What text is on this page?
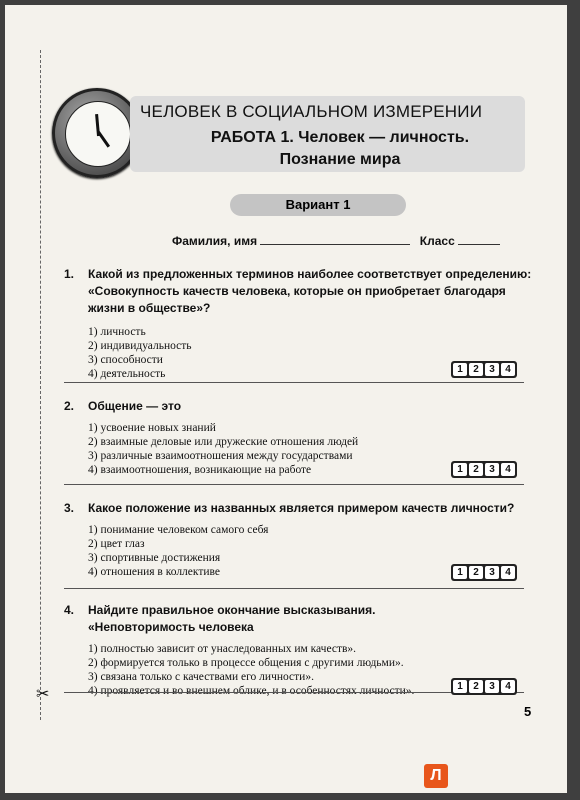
ЧЕЛОВЕК В СОЦИАЛЬНОМ ИЗМЕРЕНИИ
РАБОТА 1. Человек — личность.
Познание мира
Вариант 1
Фамилия, имя	Класс
1. Какой из предложенных терминов наиболее соответствует определению: «Совокупность качеств человека, которые он приобретает благодаря жизни в обществе»?
1) личность
2) индивидуальность
3) способности
4) деятельность	1	2	3	4
2. Общение — это
1) усвоение новых знаний
2) взаимные деловые или дружеские отношения людей
3) различные взаимоотношения между государствами
4) взаимоотношения, возникающие на работе	1	2	3	4
3. Какое положение из названных является примером качеств личности?
1) понимание человеком самого себя
2) цвет глаз
3) спортивные достижения
4) отношения в коллективе	1	2	3	4
4. Найдите правильное окончание высказывания. «Неповторимость человека
1) полностью зависит от унаследованных им качеств».
2) формируется только в процессе общения с другими людьми».
3) связана только с качествами его личности».
4) проявляется и во внешнем облике, и в особенностях личности».	1	2	3	4
✂
5
Л
